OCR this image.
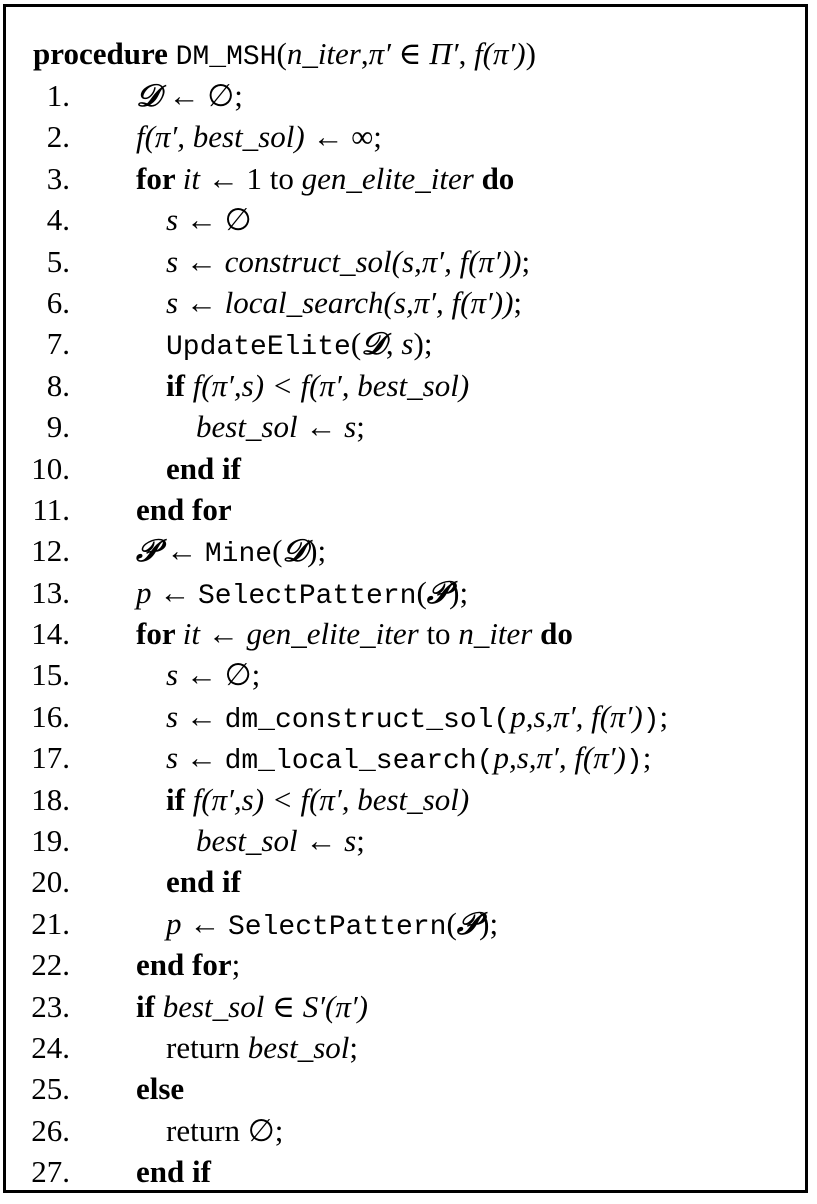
procedure DM_MSH(n_iter,π′ ∈ Π′, f(π′))
1. 𝒟 ← ∅;
2. f(π′, best_sol) ← ∞;
3. for it ← 1 to gen_elite_iter do
4.	s ← ∅
5.	s ← construct_sol(s,π′, f(π′));
6.	s ← local_search(s,π′, f(π′));
7.	UpdateElite(𝒟, s);
8.	if f(π′,s) < f(π′, best_sol)
9.	best_sol ← s;
10.	end if
11. end for
12. 𝒫 ← Mine(𝒟);
13. p ← SelectPattern(𝒫);
14. for it ← gen_elite_iter to n_iter do
15.	s ← ∅;
16.	s ← dm_construct_sol(p,s,π′, f(π′));
17.	s ← dm_local_search(p,s,π′, f(π′));
18.	if f(π′,s) < f(π′, best_sol)
19.	best_sol ← s;
20.	end if
21.	p ← SelectPattern(𝒫);
22. end for;
23. if best_sol ∈ S′(π′)
24.	return best_sol;
25. else
26.	return ∅;
27. end if
